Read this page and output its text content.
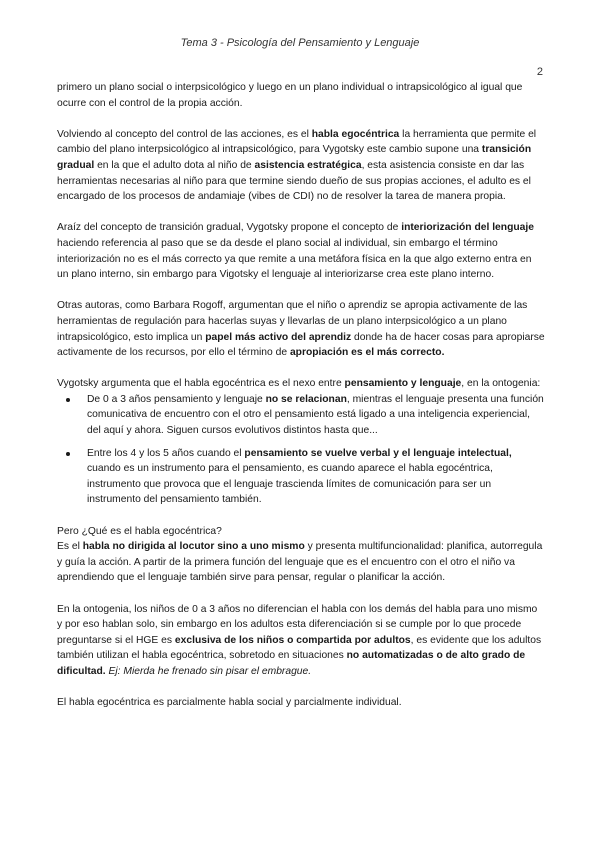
Tema 3 - Psicología del Pensamiento y Lenguaje
2

primero un plano social o interpsicológico y luego en un plano individual o intrapsicológico al igual que ocurre con el control de la propia acción.

Volviendo al concepto del control de las acciones, es el habla egocéntrica la herramienta que permite el cambio del plano interpsicológico al intrapsicológico, para Vygotsky este cambio supone una transición gradual en la que el adulto dota al niño de asistencia estratégica, esta asistencia consiste en dar las herramientas necesarias al niño para que termine siendo dueño de sus propias acciones, el adulto es el encargado de los procesos de andamiaje (vibes de CDI) no de resolver la tarea de manera propia.

Araíz del concepto de transición gradual, Vygotsky propone el concepto de interiorización del lenguaje haciendo referencia al paso que se da desde el plano social al individual, sin embargo el término interiorización no es el más correcto ya que remite a una metáfora física en la que algo externo entra en un plano interno, sin embargo para Vigotsky el lenguaje al interiorizarse crea este plano interno.

Otras autoras, como Barbara Rogoff, argumentan que el niño o aprendiz se apropia activamente de las herramientas de regulación para hacerlas suyas y llevarlas de un plano interpsicológico a un plano intrapsicológico, esto implica un papel más activo del aprendiz donde ha de hacer cosas para apropiarse activamente de los recursos, por ello el término de apropiación es el más correcto.

Vygotsky argumenta que el habla egocéntrica es el nexo entre pensamiento y lenguaje, en la ontogenia:

De 0 a 3 años pensamiento y lenguaje no se relacionan, mientras el lenguaje presenta una función comunicativa de encuentro con el otro el pensamiento está ligado a una inteligencia experiencial, del aquí y ahora. Siguen cursos evolutivos distintos hasta que...
Entre los 4 y los 5 años cuando el pensamiento se vuelve verbal y el lenguaje intelectual, cuando es un instrumento para el pensamiento, es cuando aparece el habla egocéntrica, instrumento que provoca que el lenguaje trascienda límites de comunicación para ser un instrumento del pensamiento también.

Pero ¿Qué es el habla egocéntrica?

Es el habla no dirigida al locutor sino a uno mismo y presenta multifuncionalidad: planifica, autorregula y guía la acción. A partir de la primera función del lenguaje que es el encuentro con el otro el niño va aprendiendo que el lenguaje también sirve para pensar, regular o planificar la acción.

En la ontogenia, los niños de 0 a 3 años no diferencian el habla con los demás del habla para uno mismo y por eso hablan solo, sin embargo en los adultos esta diferenciación si se cumple por lo que procede preguntarse si el HGE es exclusiva de los niños o compartida por adultos, es evidente que los adultos también utilizan el habla egocéntrica, sobretodo en situaciones no automatizadas o de alto grado de dificultad. Ej: Mierda he frenado sin pisar el embrague.

El habla egocéntrica es parcialmente habla social y parcialmente individual.
